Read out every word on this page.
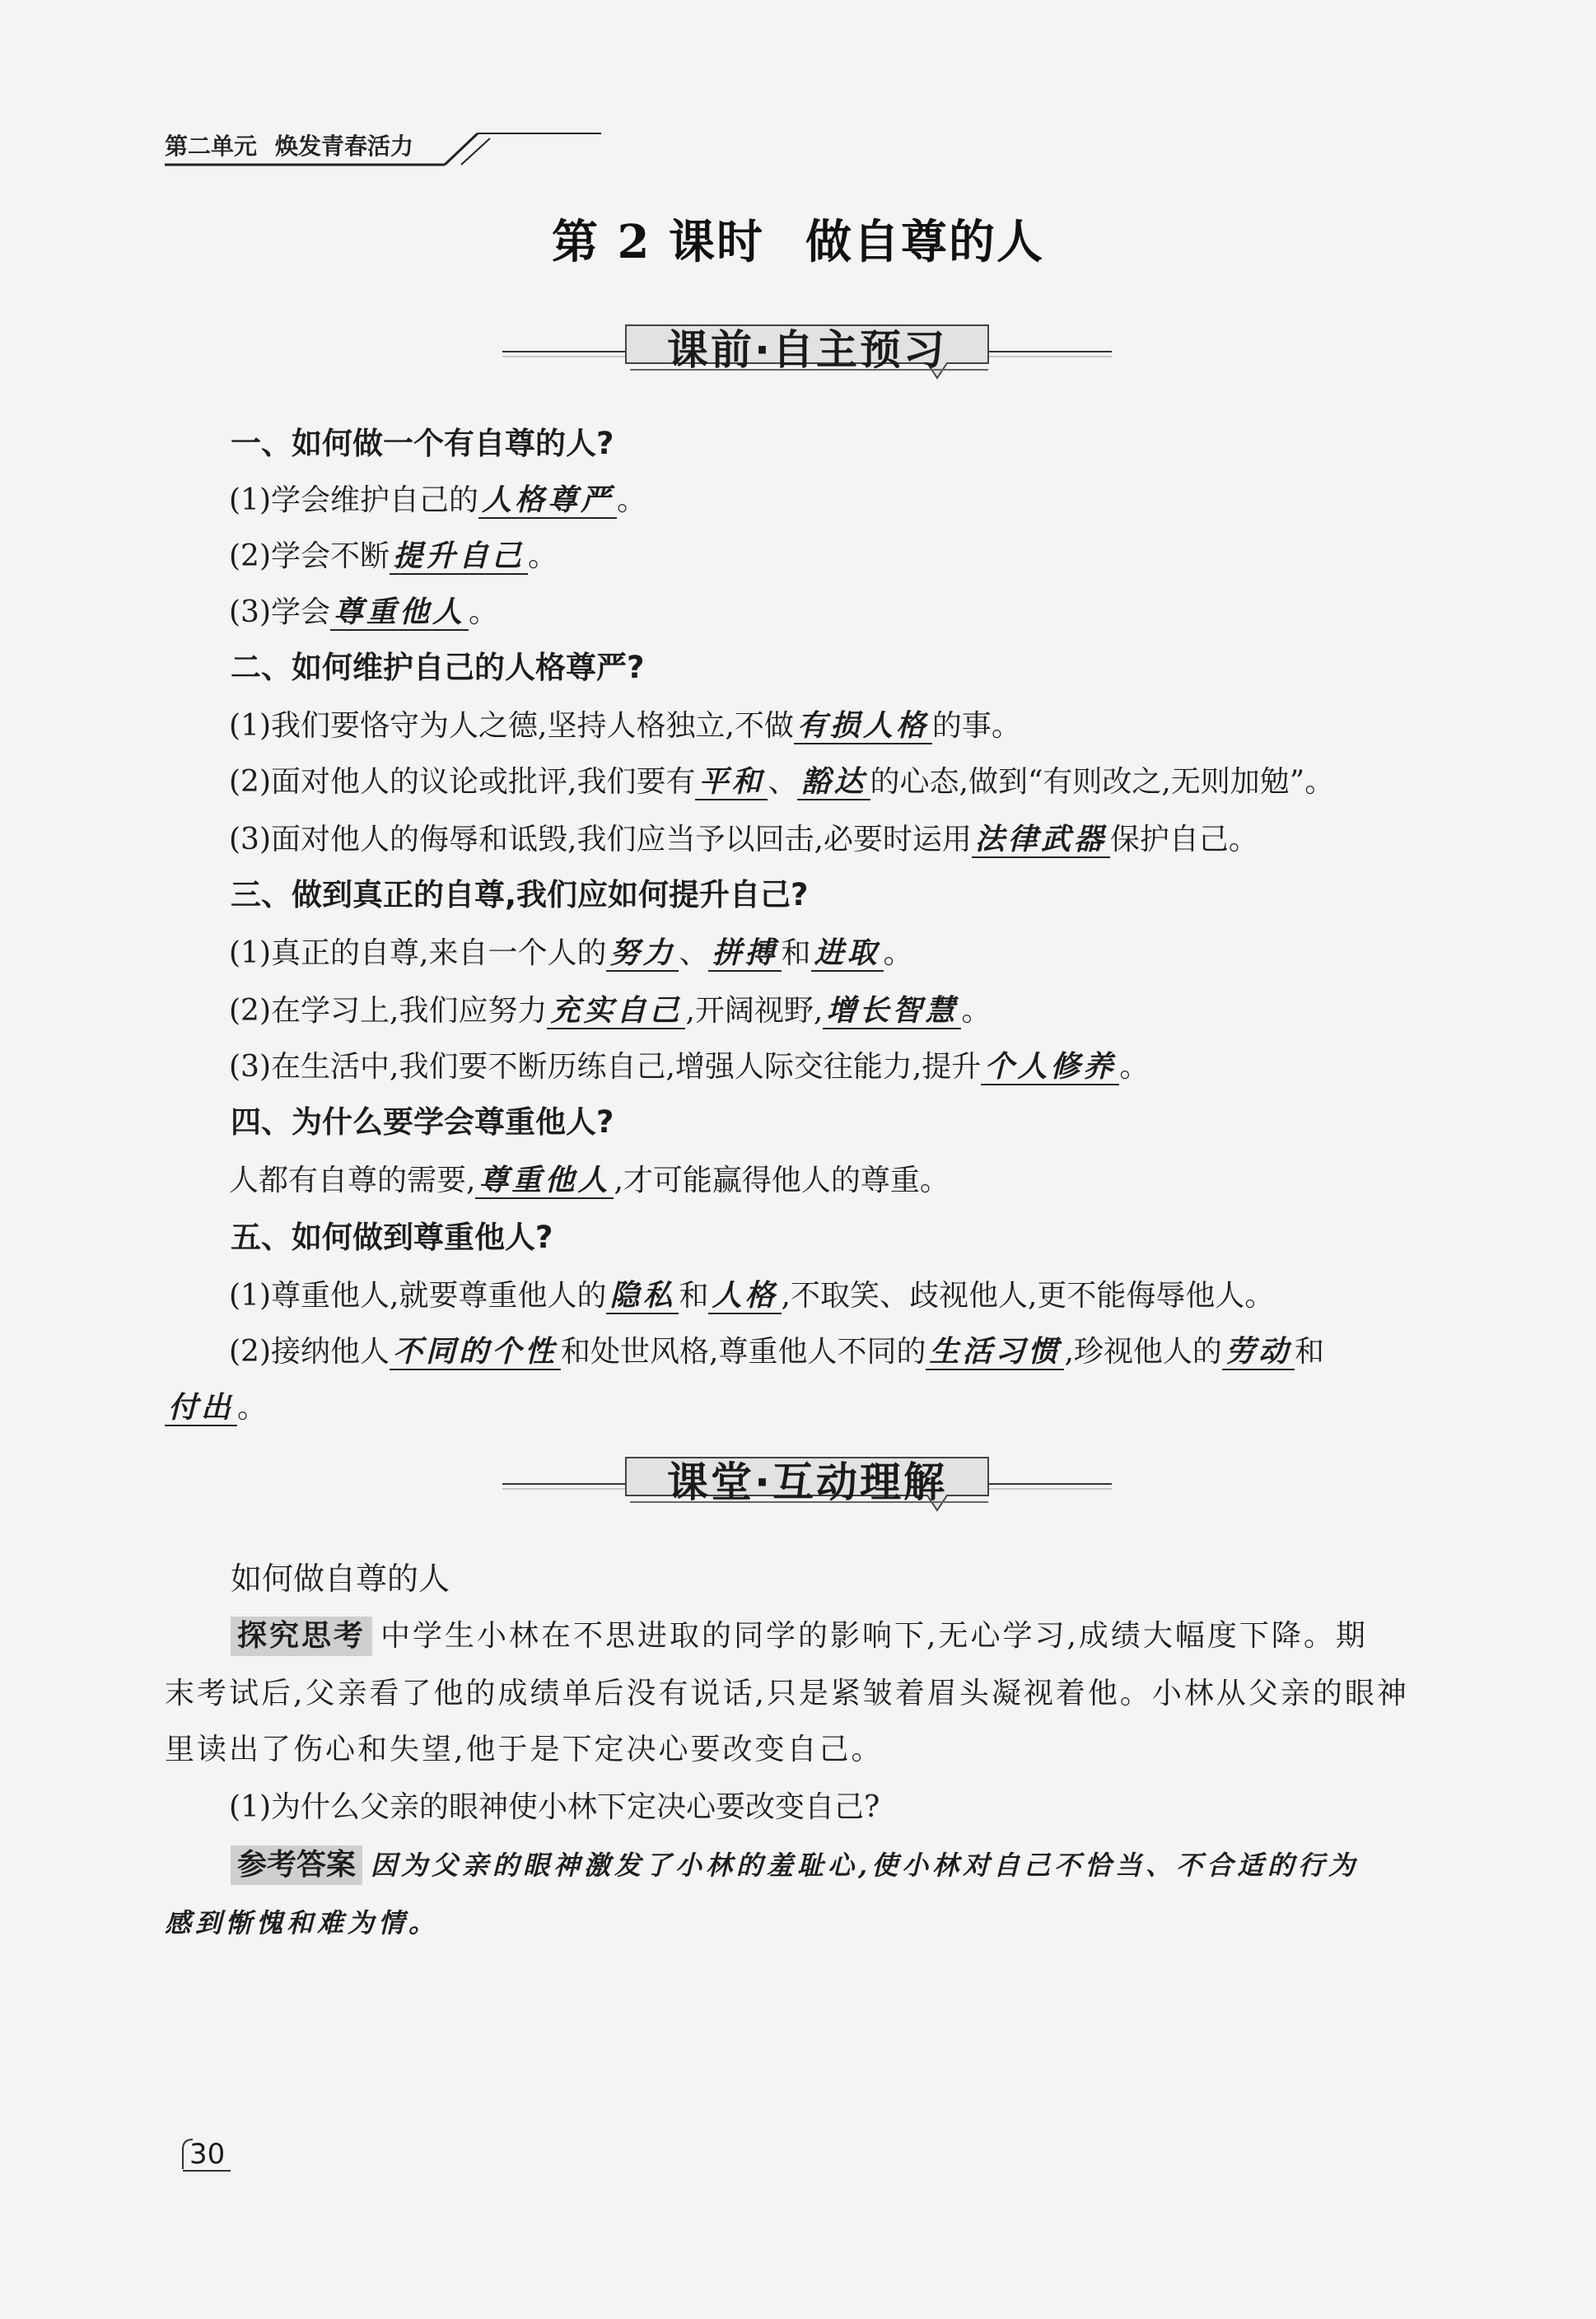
第二单元 焕发青春活力
第 2 课时 做自尊的人
课前·自主预习
一、如何做一个有自尊的人?
(1)学会维护自己的 人格尊严 。
(2)学会不断 提升自己 。
(3)学会 尊重他人 。
二、如何维护自己的人格尊严?
(1)我们要恪守为人之德,坚持人格独立,不做 有损人格 的事。
(2)面对他人的议论或批评,我们要有 平和 、 豁达 的心态,做到“有则改之,无则加勉”。
(3)面对他人的侮辱和诋毁,我们应当予以回击,必要时运用 法律武器 保护自己。
三、做到真正的自尊,我们应如何提升自己?
(1)真正的自尊,来自一个人的 努力 、 拼搏 和 进取 。
(2)在学习上,我们应努力 充实自己 ,开阔视野, 增长智慧 。
(3)在生活中,我们要不断历练自己,增强人际交往能力,提升 个人修养 。
四、为什么要学会尊重他人?
人都有自尊的需要, 尊重他人 ,才可能赢得他人的尊重。
五、如何做到尊重他人?
(1)尊重他人,就要尊重他人的 隐私 和 人格 ,不取笑、歧视他人,更不能侮辱他人。
(2)接纳他人 不同的个性 和处世风格,尊重他人不同的 生活习惯 ,珍视他人的 劳动 和
付出 。
课堂·互动理解
如何做自尊的人
探究思考 中学生小林在不思进取的同学的影响下,无心学习,成绩大幅度下降。期
末考试后,父亲看了他的成绩单后没有说话,只是紧皱着眉头凝视着他。小林从父亲的眼神
里读出了伤心和失望,他于是下定决心要改变自己。
(1)为什么父亲的眼神使小林下定决心要改变自己?
参考答案 因为父亲的眼神激发了小林的羞耻心,使小林对自己不恰当、不合适的行为
感到惭愧和难为情。
30
